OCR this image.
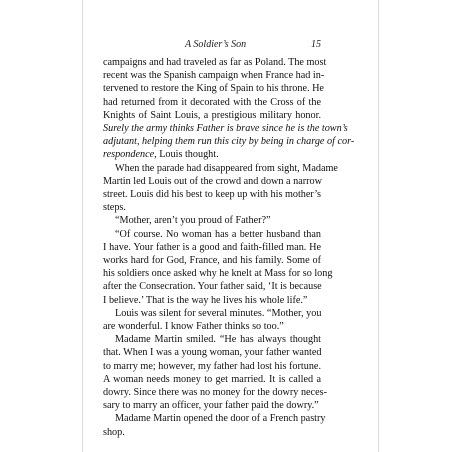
A Soldier’s Son	15

campaigns and had traveled as far as Poland. The most
recent was the Spanish campaign when France had in-
tervened to restore the King of Spain to his throne. He
had returned from it decorated with the Cross of the
Knights of Saint Louis, a prestigious military honor.
Surely the army thinks Father is brave since he is the town’s
adjutant, helping them run this city by being in charge of cor-
respondence, Louis thought.

When the parade had disappeared from sight, Madame
Martin led Louis out of the crowd and down a narrow
street. Louis did his best to keep up with his mother’s
steps.

“Mother, aren’t you proud of Father?”

“Of course. No woman has a better husband than
I have. Your father is a good and faith-filled man. He
works hard for God, France, and his family. Some of
his soldiers once asked why he knelt at Mass for so long
after the Consecration. Your father said, ‘It is because
I believe.’ That is the way he lives his whole life.”

Louis was silent for several minutes. “Mother, you
are wonderful. I know Father thinks so too.”

Madame Martin smiled. “He has always thought
that. When I was a young woman, your father wanted
to marry me; however, my father had lost his fortune.
A woman needs money to get married. It is called a
dowry. Since there was no money for the dowry neces-
sary to marry an officer, your father paid the dowry.”

Madame Martin opened the door of a French pastry
shop.
